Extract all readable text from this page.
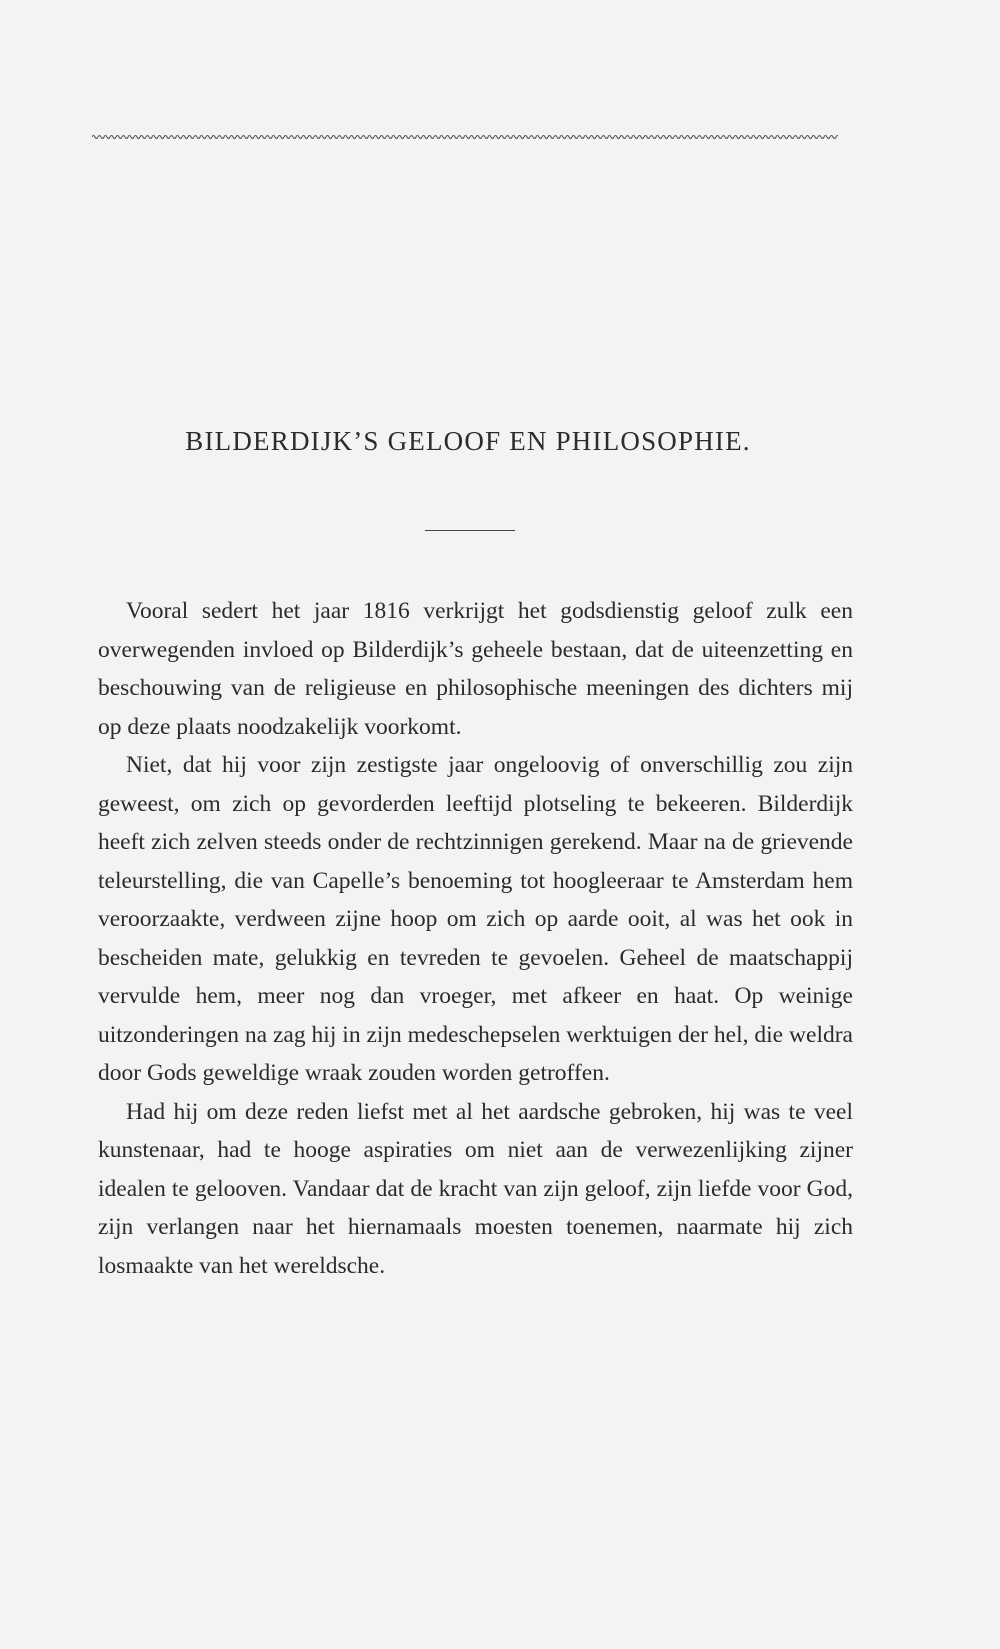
BILDERDIJK’S GELOOF EN PHILOSOPHIE.

Vooral sedert het jaar 1816 verkrijgt het godsdienstig geloof zulk een overwegenden invloed op Bilderdijk’s geheele bestaan, dat de uiteenzetting en beschouwing van de religieuse en philosophische meeningen des dichters mij op deze plaats noodzakelijk voorkomt.

Niet, dat hij voor zijn zestigste jaar ongeloovig of onverschillig zou zijn geweest, om zich op gevorderden leeftijd plotseling te bekeeren. Bilderdijk heeft zich zelven steeds onder de rechtzinnigen gerekend. Maar na de grievende teleurstelling, die van Capelle’s benoeming tot hoogleeraar te Amsterdam hem veroorzaakte, verdween zijne hoop om zich op aarde ooit, al was het ook in bescheiden mate, gelukkig en tevreden te gevoelen. Geheel de maatschappij vervulde hem, meer nog dan vroeger, met afkeer en haat. Op weinige uitzonderingen na zag hij in zijn medeschepselen werktuigen der hel, die weldra door Gods geweldige wraak zouden worden getroffen.

Had hij om deze reden liefst met al het aardsche gebroken, hij was te veel kunstenaar, had te hooge aspiraties om niet aan de verwezenlijking zijner idealen te gelooven. Vandaar dat de kracht van zijn geloof, zijn liefde voor God, zijn verlangen naar het hiernamaals moesten toenemen, naarmate hij zich losmaakte van het wereldsche.
